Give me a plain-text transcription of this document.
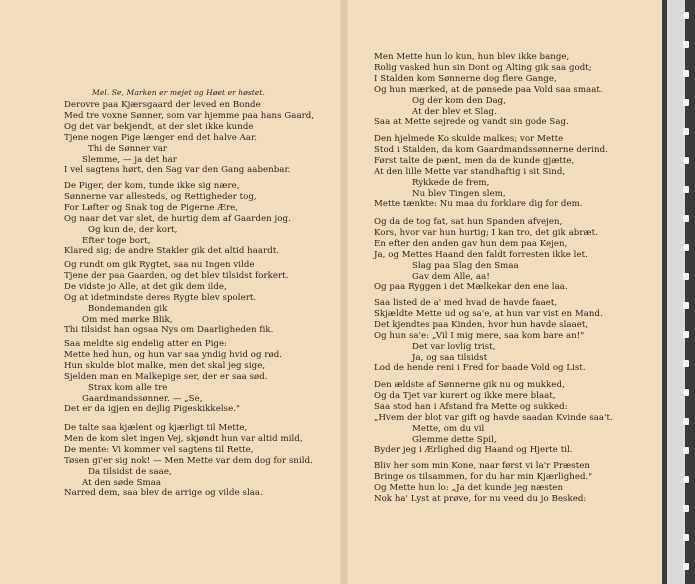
Mel. Se, Marken er mejet og Høet er høstet.
Derovre paa Kjærsgaard der leved en Bonde
Med tre voxne Sønner, som var hjemme paa hans Gaard,
Og det var bekjendt, at der slet ikke kunde
Tjene nogen Pige længer end det halve Aar.
Thi de Sønner var
Slemme, — ja det har
I vel sagtens hørt, den Sag var den Gang aabenbar.
De Piger, der kom, tunde ikke sig nære,
Sønnerne var allesteds, og Rettigheder tog,
For Løfter og Snak tog de Pigerne Ære,
Og naar det var slet, de hurtig dem af Gaarden jog.
Og kun de, der kort,
Efter toge bort,
Klared sig; de andre Stakler gik det altid haardt.
Og rundt om gik Rygtet, saa nu Ingen vilde
Tjene der paa Gaarden, og det blev tilsidst forkert.
De vidste jo Alle, at det gik dem ilde,
Og at idetmindste deres Rygte blev spolert.
Bondemanden gik
Om med mørke Blik,
Thi tilsidst han ogsaa Nys om Daarligheden fik.
Saa meldte sig endelig atter en Pige:
Mette hed hun, og hun var saa yndig hvid og rød.
Hun skulde blot malke, men det skal jeg sige,
Sjelden man en Malkepige ser, der er saa sød.
Strax kom alle tre
Gaardmandssønner. — „Se,
Det er da igjen en dejlig Pigeskikkelse."
De talte saa kjælent og kjærligt til Mette,
Men de kom slet ingen Vej, skjøndt hun var altid mild,
De mente: Vi kommer vel sagtens til Rette,
Tøsen gi'er sig nok! — Men Mette var dem dog for snild.
Da tilsidst de saae,
At den søde Smaa
Narred dem, saa blev de arrige og vilde slaa.
Men Mette hun lo kun, hun blev ikke bange,
Rolig vasked hun sin Dont og Alting gik saa godt;
I Stalden kom Sønnerne dog flere Gange,
Og hun mærked, at de pønsede paa Vold saa smaat.
Og der kom den Dag,
At der blev et Slag.
Saa at Mette sejrede og vandt sin gode Sag.
Den hjelmede Ko skulde malkes; vor Mette
Stod i Stalden, da kom Gaardmandssønnerne derind.
Først talte de pænt, men da de kunde gjætte,
At den lille Mette var standhaftig i sit Sind,
Rykkede de frem,
Nu blev Tingen slem,
Mette tænkte: Nu maa du forklare dig for dem.
Og da de tog fat, sat hun Spanden afvejen,
Kors, hvor var hun hurtig; I kan tro, det gik abræt.
En efter den anden gav hun dem paa Kejen,
Ja, og Mettes Haand den faldt forresten ikke let.
Slag paa Slag den Smaa
Gav dem Alle, aa!
Og paa Ryggen i det Mælkekar den ene laa.
Saa listed de a' med hvad de havde faaet,
Skjældte Mette ud og sa'e, at hun var vist en Mand.
Det kjendtes paa Kinden, hvor hun havde slaaet,
Og hun sa'e: „Vil I mig mere, saa kom bare an!"
Det var lovlig trist,
Ja, og saa tilsidst
Lod de hende reni i Fred for baade Vold og List.
Den ældste af Sønnerne gik nu og mukked,
Og da Tjet var kurert og ikke mere blaat,
Saa stod han i Afstand fra Mette og sukked:
„Hvem der blot var gift og havde saadan Kvinde saa't.
Mette, om du vil
Glemme dette Spil,
Byder jeg i Ærlighed dig Haand og Hjerte til.
Bliv her som min Kone, naar først vi la'r Præsten
Bringe os tilsammen, for du har min Kjærlighed."
Og Mette hun lo: „Ja det kunde jeg næsten
Nok ha' Lyst at prøve, for nu veed du jo Besked:
